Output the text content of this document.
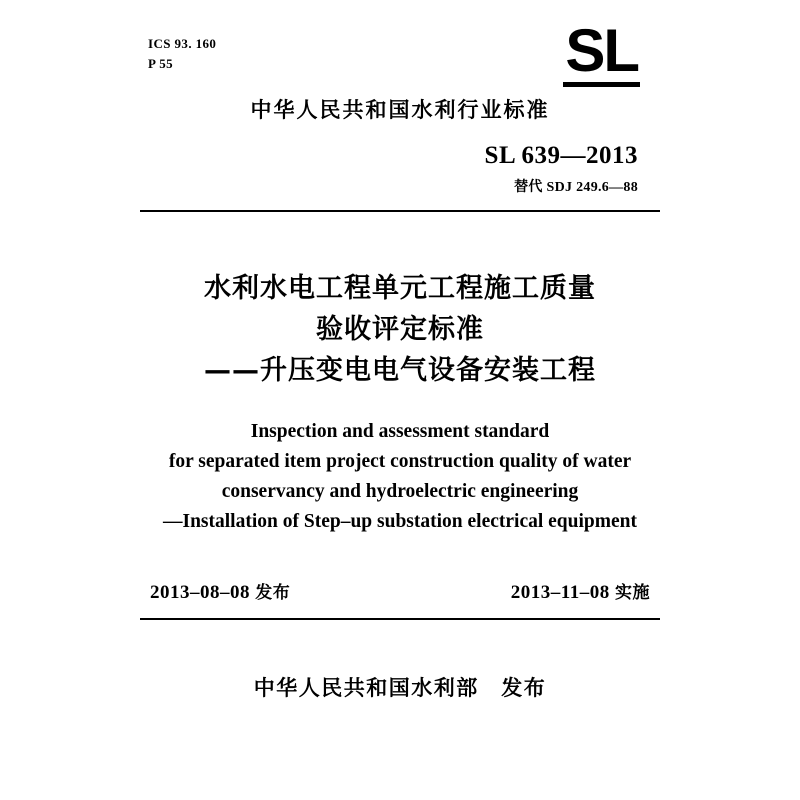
ICS 93. 160
P 55	SL
中华人民共和国水利行业标准
SL 639—2013
替代 SDJ 249.6—88
水利水电工程单元工程施工质量
验收评定标准
——升压变电电气设备安装工程
Inspection and assessment standard
for separated item project construction quality of water
conservancy and hydroelectric engineering
—Installation of Step–up substation electrical equipment
2013–08–08 发布	2013–11–08 实施
中华人民共和国水利部　发布
